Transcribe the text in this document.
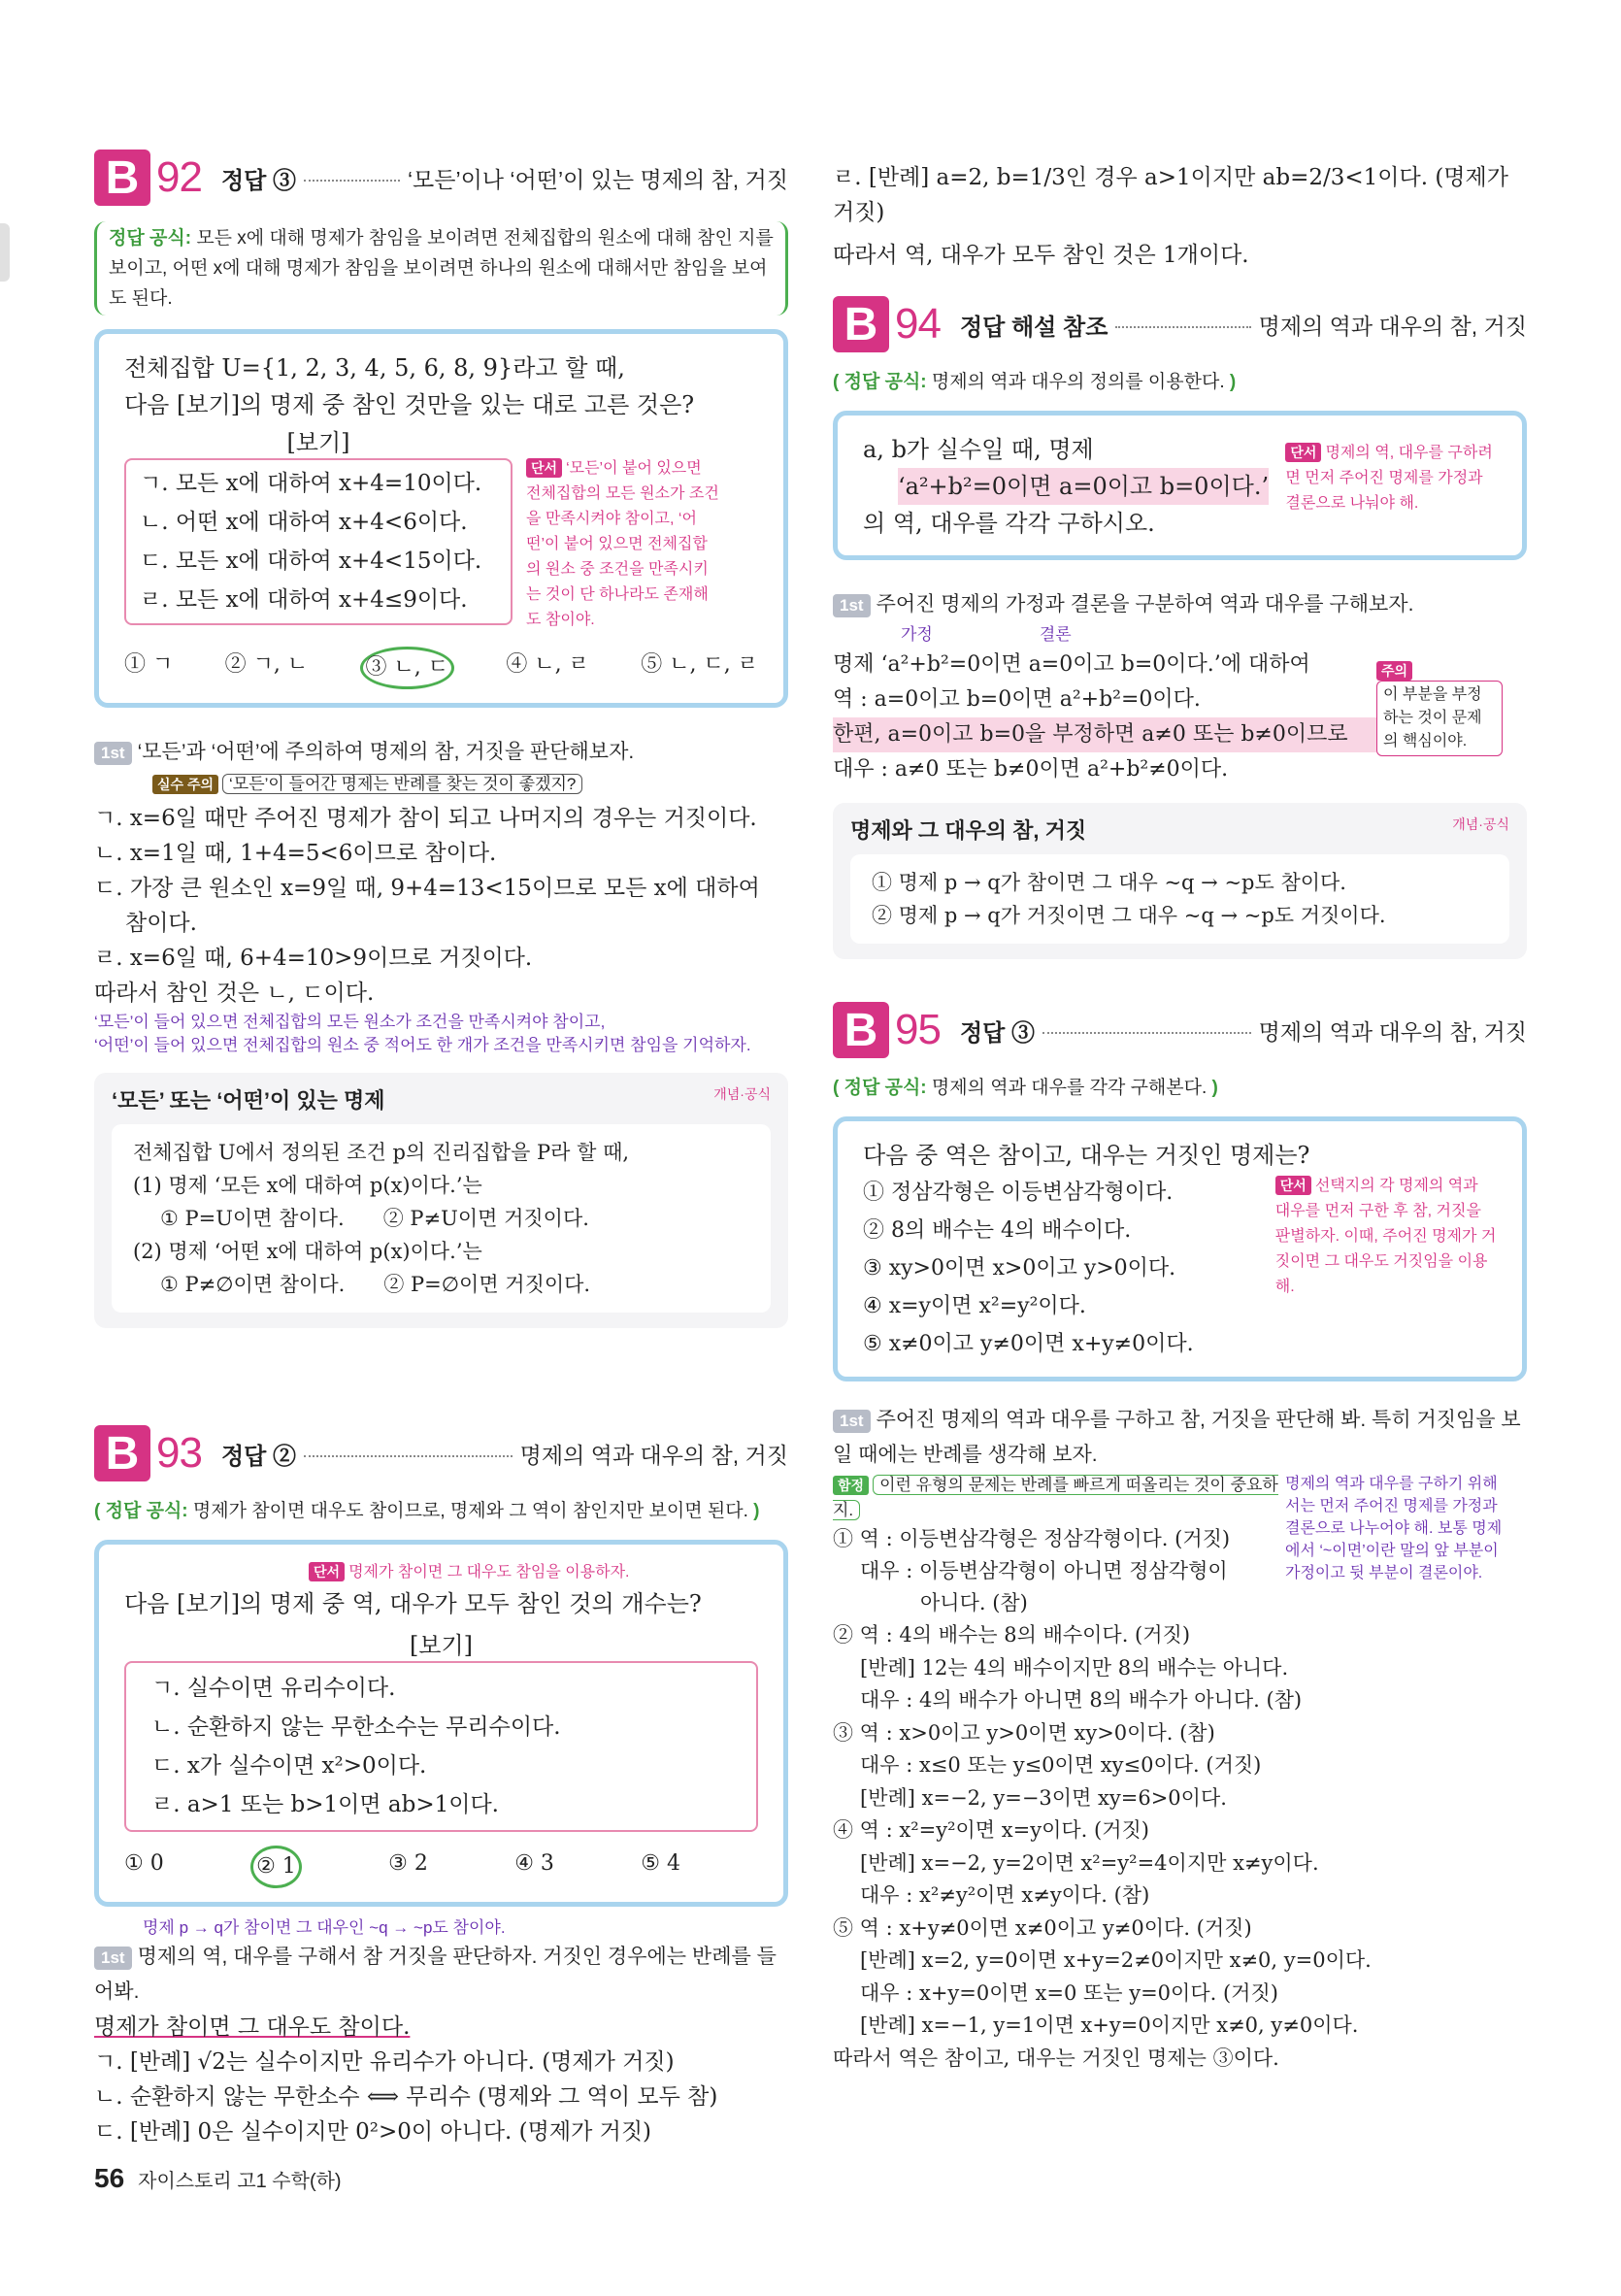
B 92 정답 ③	‘모든’이나 ‘어떤’이 있는 명제의 참, 거짓
정답 공식: 모든 x에 대해 명제가 참임을 보이려면 전체집합의 원소에 대해 참인 지를 보이고, 어떤 x에 대해 명제가 참임을 보이려면 하나의 원소에 대해서만 참임을 보여도 된다.
전체집합 U={1, 2, 3, 4, 5, 6, 8, 9}라고 할 때,
다음 [보기]의 명제 중 참인 것만을 있는 대로 고른 것은?
[보기]
ㄱ. 모든 x에 대하여 x+4=10이다.
ㄴ. 어떤 x에 대하여 x+4<6이다.
ㄷ. 모든 x에 대하여 x+4<15이다.
ㄹ. 모든 x에 대하여 x+4≤9이다.
단서 ‘모든’이 붙어 있으면 전체집합의 모든 원소가 조건을 만족시켜야 참이고, ‘어떤’이 붙어 있으면 전체집합의 원소 중 조건을 만족시키는 것이 단 하나라도 존재해도 참이야.
① ㄱ ② ㄱ, ㄴ	③ ㄴ, ㄷ	④ ㄴ, ㄹ ⑤ ㄴ, ㄷ, ㄹ
1st ‘모든’과 ‘어떤’에 주의하여 명제의 참, 거짓을 판단해보자.
실수 주의 ‘모든’이 들어간 명제는 반례를 찾는 것이 좋겠지?
ㄱ. x=6일 때만 주어진 명제가 참이 되고 나머지의 경우는 거짓이다.
ㄴ. x=1일 때, 1+4=5<6이므로 참이다.
ㄷ. 가장 큰 원소인 x=9일 때, 9+4=13<15이므로 모든 x에 대하여
참이다.
ㄹ. x=6일 때, 6+4=10>9이므로 거짓이다.
따라서 참인 것은 ㄴ, ㄷ이다.
‘모든’이 들어 있으면 전체집합의 모든 원소가 조건을 만족시켜야 참이고,
‘어떤’이 들어 있으면 전체집합의 원소 중 적어도 한 개가 조건을 만족시키면 참임을 기억하자.
‘모든’ 또는 ‘어떤’이 있는 명제	개념·공식
전체집합 U에서 정의된 조건 p의 진리집합을 P라 할 때,
(1) 명제 ‘모든 x에 대하여 p(x)이다.’는
① P=U이면 참이다.      ② P≠U이면 거짓이다.
(2) 명제 ‘어떤 x에 대하여 p(x)이다.’는
① P≠∅이면 참이다.      ② P=∅이면 거짓이다.
B 93 정답 ②	명제의 역과 대우의 참, 거짓
( 정답 공식: 명제가 참이면 대우도 참이므로, 명제와 그 역이 참인지만 보이면 된다. )
단서 명제가 참이면 그 대우도 참임을 이용하자.
다음 [보기]의 명제 중 역, 대우가 모두 참인 것의 개수는?
[보기]
ㄱ. 실수이면 유리수이다.
ㄴ. 순환하지 않는 무한소수는 무리수이다.
ㄷ. x가 실수이면 x²>0이다.
ㄹ. a>1 또는 b>1이면 ab>1이다.
① 0	② 1	③ 2	④ 3	⑤ 4
명제 p → q가 참이면 그 대우인 ~q → ~p도 참이야.
1st 명제의 역, 대우를 구해서 참 거짓을 판단하자. 거짓인 경우에는 반례를 들어봐.
명제가 참이면 그 대우도 참이다.
ㄱ. [반례] √2는 실수이지만 유리수가 아니다. (명제가 거짓)
ㄴ. 순환하지 않는 무한소수 ⟺ 무리수 (명제와 그 역이 모두 참)
ㄷ. [반례] 0은 실수이지만 0²>0이 아니다. (명제가 거짓)
ㄹ. [반례] a=2, b=1/3인 경우 a>1이지만 ab=2/3<1이다. (명제가 거짓)
따라서 역, 대우가 모두 참인 것은 1개이다.
B 94 정답 해설 참조	명제의 역과 대우의 참, 거짓
( 정답 공식: 명제의 역과 대우의 정의를 이용한다. )
a, b가 실수일 때, 명제
‘a²+b²=0이면 a=0이고 b=0이다.’
의 역, 대우를 각각 구하시오.
단서 명제의 역, 대우를 구하려면 먼저 주어진 명제를 가정과 결론으로 나눠야 해.
1st 주어진 명제의 가정과 결론을 구분하여 역과 대우를 구해보자.
가정	결론
명제 ‘a²+b²=0이면 a=0이고 b=0이다.’에 대하여
역 : a=0이고 b=0이면 a²+b²=0이다.
한편, a=0이고 b=0을 부정하면 a≠0 또는 b≠0이므로
대우 : a≠0 또는 b≠0이면 a²+b²≠0이다.
주의
이 부분을 부정하는 것이 문제의 핵심이야.
명제와 그 대우의 참, 거짓	개념·공식
① 명제 p → q가 참이면 그 대우 ~q → ~p도 참이다.
② 명제 p → q가 거짓이면 그 대우 ~q → ~p도 거짓이다.
B 95 정답 ③	명제의 역과 대우의 참, 거짓
( 정답 공식: 명제의 역과 대우를 각각 구해본다. )
다음 중 역은 참이고, 대우는 거짓인 명제는?
① 정삼각형은 이등변삼각형이다.
② 8의 배수는 4의 배수이다.
③ xy>0이면 x>0이고 y>0이다.
④ x=y이면 x²=y²이다.
⑤ x≠0이고 y≠0이면 x+y≠0이다.
단서 선택지의 각 명제의 역과 대우를 먼저 구한 후 참, 거짓을 판별하자. 이때, 주어진 명제가 거짓이면 그 대우도 거짓임을 이용해.
1st 주어진 명제의 역과 대우를 구하고 참, 거짓을 판단해 봐. 특히 거짓임을 보일 때에는 반례를 생각해 보자.
함정 이런 유형의 문제는 반례를 빠르게 떠올리는 것이 중요하지.
① 역 : 이등변삼각형은 정삼각형이다. (거짓)
대우 : 이등변삼각형이 아니면 정삼각형이
아니다. (참)
명제의 역과 대우를 구하기 위해서는 먼저 주어진 명제를 가정과 결론으로 나누어야 해. 보통 명제에서 ‘~이면’이란 말의 앞 부분이 가정이고 뒷 부분이 결론이야.
② 역 : 4의 배수는 8의 배수이다. (거짓)
[반례] 12는 4의 배수이지만 8의 배수는 아니다.
대우 : 4의 배수가 아니면 8의 배수가 아니다. (참)
③ 역 : x>0이고 y>0이면 xy>0이다. (참)
대우 : x≤0 또는 y≤0이면 xy≤0이다. (거짓)
[반례] x=−2, y=−3이면 xy=6>0이다.
④ 역 : x²=y²이면 x=y이다. (거짓)
[반례] x=−2, y=2이면 x²=y²=4이지만 x≠y이다.
대우 : x²≠y²이면 x≠y이다. (참)
⑤ 역 : x+y≠0이면 x≠0이고 y≠0이다. (거짓)
[반례] x=2, y=0이면 x+y=2≠0이지만 x≠0, y=0이다.
대우 : x+y=0이면 x=0 또는 y=0이다. (거짓)
[반례] x=−1, y=1이면 x+y=0이지만 x≠0, y≠0이다.
따라서 역은 참이고, 대우는 거짓인 명제는 ③이다.
56 자이스토리 고1 수학(하)
